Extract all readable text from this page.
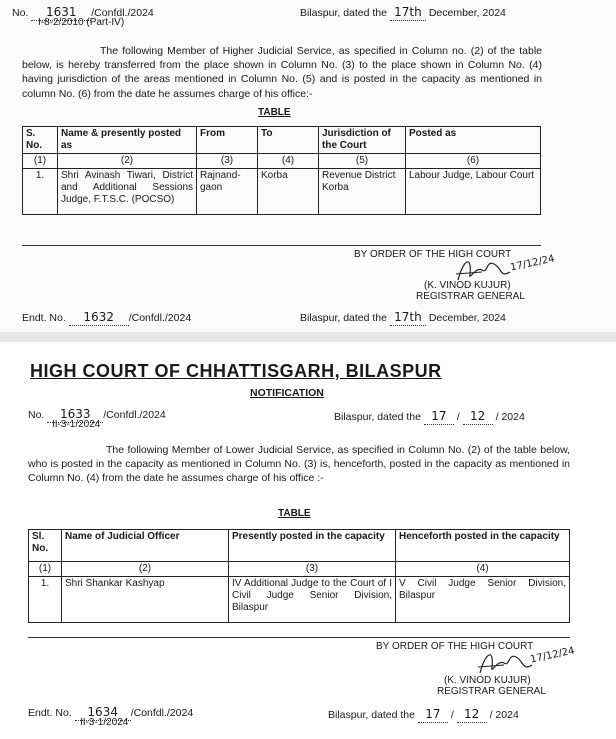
No. 1631 /Confdl./2024
I-8-2/2010 (Part-IV)
Bilaspur, dated the 17th December, 2024
The following Member of Higher Judicial Service, as specified in Column no. (2) of the table below, is hereby transferred from the place shown in Column No. (3) to the place shown in Column No. (4) having jurisdiction of the areas mentioned in Column No. (5) and is posted in the capacity as mentioned in column No. (6) from the date he assumes charge of his office:-
TABLE
S. No.	Name & presently posted as	From	To	Jurisdiction of the Court	Posted as
(1)	(2)	(3)	(4)	(5)	(6)
1.	Shri Avinash Tiwari, District and Additional Sessions Judge, F.T.S.C. (POCSO)	Rajnand-gaon	Korba	Revenue District Korba	Labour Judge, Labour Court
BY ORDER OF THE HIGH COURT
17/12/24
(K. VINOD KUJUR)
REGISTRAR GENERAL
Endt. No. 1632 /Confdl./2024	Bilaspur, dated the 17th December, 2024
HIGH COURT OF CHHATTISGARH, BILASPUR
NOTIFICATION
No. 1633 /Confdl./2024
II-3-1/2024
Bilaspur, dated the 17 / 12 / 2024
The following Member of Lower Judicial Service, as specified in Column No. (2) of the table below, who is posted in the capacity as mentioned in Column No. (3) is, henceforth, posted in the capacity as mentioned in Column No. (4) from the date he assumes charge of his office :-
TABLE
Sl. No.	Name of Judicial Officer	Presently posted in the capacity	Henceforth posted in the capacity
(1)	(2)	(3)	(4)
1.	Shri Shankar Kashyap	IV Additional Judge to the Court of I Civil Judge Senior Division, Bilaspur	V Civil Judge Senior Division, Bilaspur
BY ORDER OF THE HIGH COURT
17/12/24
(K. VINOD KUJUR)
REGISTRAR GENERAL
Endt. No. 1634 /Confdl./2024
II-3-1/2024
Bilaspur, dated the 17 / 12 / 2024
